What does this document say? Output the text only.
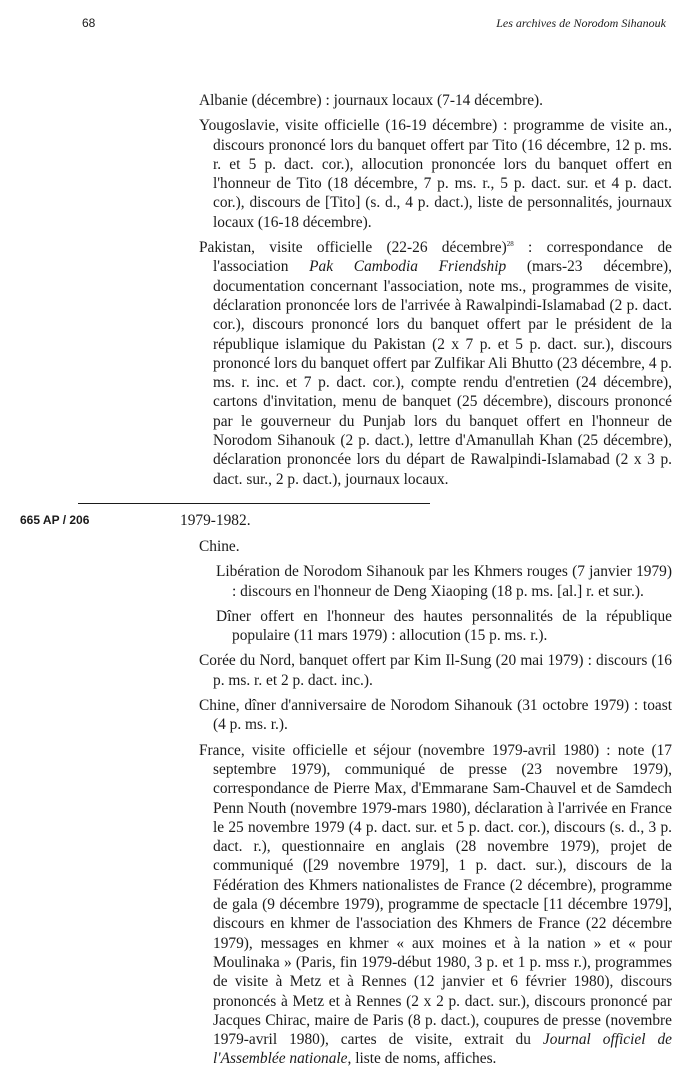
68	Les archives de Norodom Sihanouk

Albanie (décembre) : journaux locaux (7-14 décembre).

Yougoslavie, visite officielle (16-19 décembre) : programme de visite an., discours prononcé lors du banquet offert par Tito (16 décembre, 12 p. ms. r. et 5 p. dact. cor.), allocution prononcée lors du banquet offert en l'honneur de Tito (18 décembre, 7 p. ms. r., 5 p. dact. sur. et 4 p. dact. cor.), discours de [Tito] (s. d., 4 p. dact.), liste de personnalités, journaux locaux (16-18 décembre).

Pakistan, visite officielle (22-26 décembre)$^{28}$ : correspondance de l'association Pak Cambodia Friendship (mars-23 décembre), documentation concernant l'association, note ms., programmes de visite, déclaration prononcée lors de l'arrivée à Rawalpindi-Islamabad (2 p. dact. cor.), discours prononcé lors du banquet offert par le président de la république islamique du Pakistan (2 x 7 p. et 5 p. dact. sur.), discours prononcé lors du banquet offert par Zulfikar Ali Bhutto (23 décembre, 4 p. ms. r. inc. et 7 p. dact. cor.), compte rendu d'entretien (24 décembre), cartons d'invitation, menu de banquet (25 décembre), discours prononcé par le gouverneur du Punjab lors du banquet offert en l'honneur de Norodom Sihanouk (2 p. dact.), lettre d'Amanullah Khan (25 décembre), déclaration prononcée lors du départ de Rawalpindi-Islamabad (2 x 3 p. dact. sur., 2 p. dact.), journaux locaux.

665 AP / 206	1979-1982.

Chine.

Libération de Norodom Sihanouk par les Khmers rouges (7 janvier 1979) : discours en l'honneur de Deng Xiaoping (18 p. ms. [al.] r. et sur.).

Dîner offert en l'honneur des hautes personnalités de la république populaire (11 mars 1979) : allocution (15 p. ms. r.).

Corée du Nord, banquet offert par Kim Il-Sung (20 mai 1979) : discours (16 p. ms. r. et 2 p. dact. inc.).

Chine, dîner d'anniversaire de Norodom Sihanouk (31 octobre 1979) : toast (4 p. ms. r.).

France, visite officielle et séjour (novembre 1979-avril 1980) : note (17 septembre 1979), communiqué de presse (23 novembre 1979), correspondance de Pierre Max, d'Emmarane Sam-Chauvel et de Samdech Penn Nouth (novembre 1979-mars 1980), déclaration à l'arrivée en France le 25 novembre 1979 (4 p. dact. sur. et 5 p. dact. cor.), discours (s. d., 3 p. dact. r.), questionnaire en anglais (28 novembre 1979), projet de communiqué ([29 novembre 1979], 1 p. dact. sur.), discours de la Fédération des Khmers nationalistes de France (2 décembre), programme de gala (9 décembre 1979), programme de spectacle [11 décembre 1979], discours en khmer de l'association des Khmers de France (22 décembre 1979), messages en khmer « aux moines et à la nation » et « pour Moulinaka » (Paris, fin 1979-début 1980, 3 p. et 1 p. mss r.), programmes de visite à Metz et à Rennes (12 janvier et 6 février 1980), discours prononcés à Metz et à Rennes (2 x 2 p. dact. sur.), discours prononcé par Jacques Chirac, maire de Paris (8 p. dact.), coupures de presse (novembre 1979-avril 1980), cartes de visite, extrait du Journal officiel de l'Assemblée nationale, liste de noms, affiches.
